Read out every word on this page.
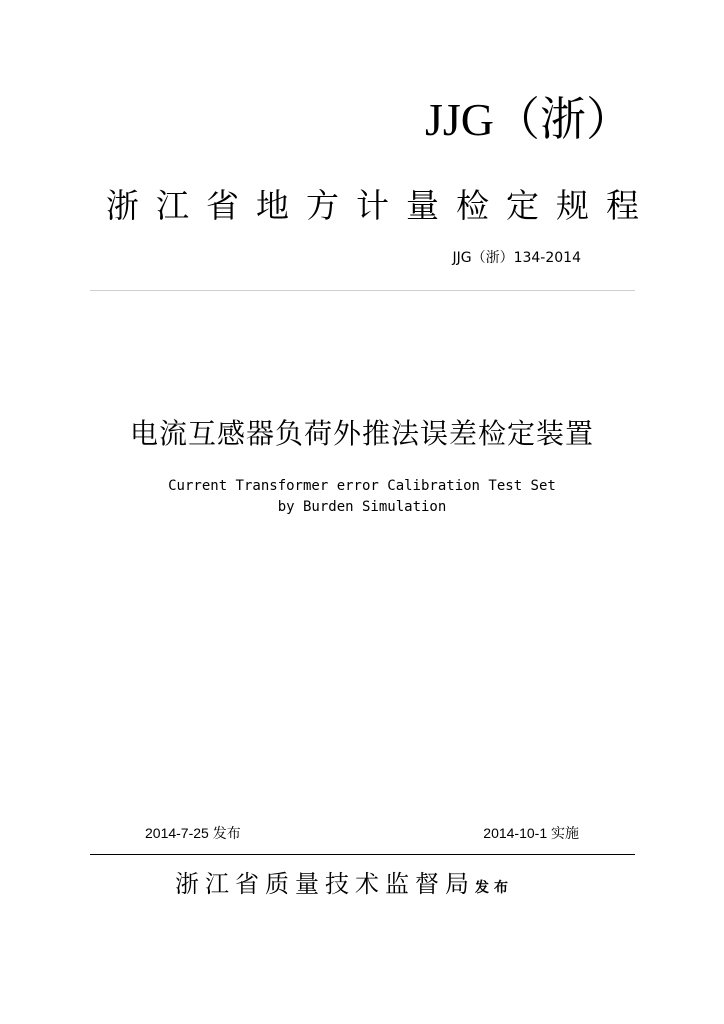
JJG（浙）
浙江省地方计量检定规程
JJG（浙）134-2014
电流互感器负荷外推法误差检定装置
Current Transformer error Calibration Test Set
by Burden Simulation
2014-7-25 发布	2014-10-1 实施
浙江省质量技术监督局发布
